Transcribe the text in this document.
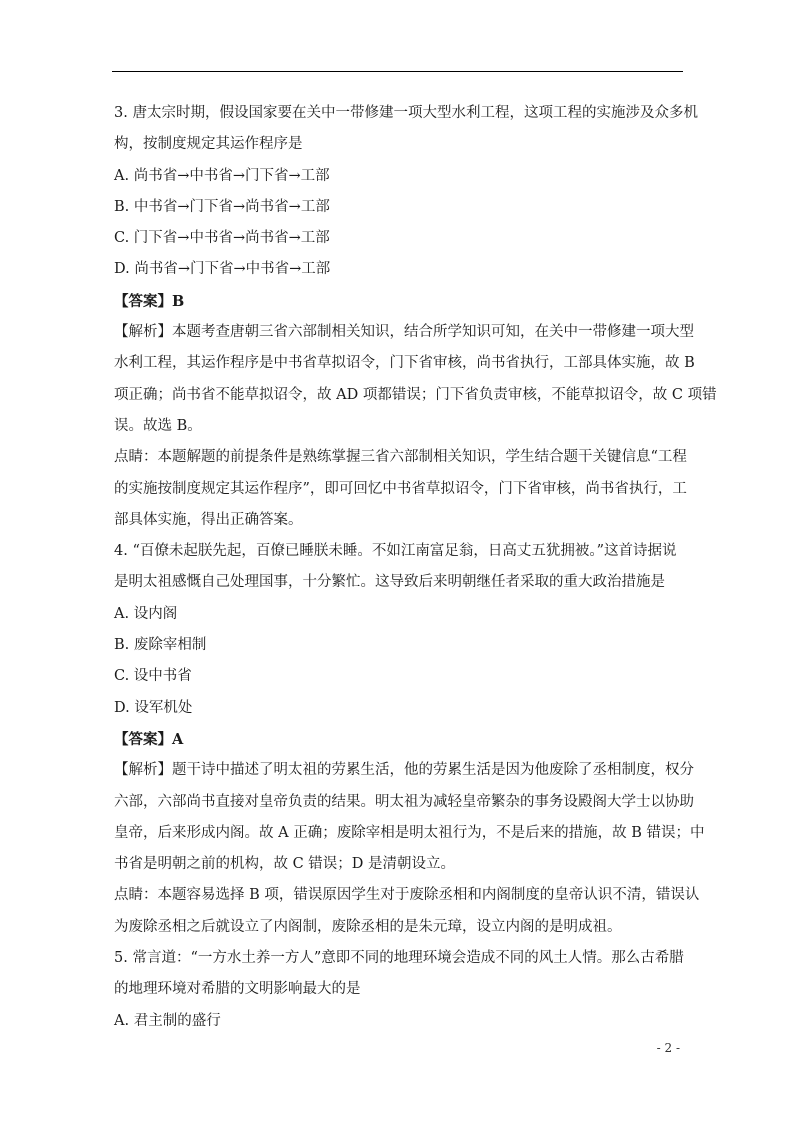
3. 唐太宗时期，假设国家要在关中一带修建一项大型水利工程，这项工程的实施涉及众多机

构，按制度规定其运作程序是

A. 尚书省→中书省→门下省→工部

B. 中书省→门下省→尚书省→工部

C. 门下省→中书省→尚书省→工部

D. 尚书省→门下省→中书省→工部

【答案】B

【解析】本题考查唐朝三省六部制相关知识，结合所学知识可知，在关中一带修建一项大型

水利工程，其运作程序是中书省草拟诏令，门下省审核，尚书省执行，工部具体实施，故 B

项正确；尚书省不能草拟诏令，故 AD 项都错误；门下省负责审核，不能草拟诏令，故 C 项错

误。故选 B。

点睛：本题解题的前提条件是熟练掌握三省六部制相关知识，学生结合题干关键信息“工程

的实施按制度规定其运作程序”，即可回忆中书省草拟诏令，门下省审核，尚书省执行，工

部具体实施，得出正确答案。

4. “百僚未起朕先起，百僚已睡朕未睡。不如江南富足翁，日高丈五犹拥被。”这首诗据说

是明太祖感慨自己处理国事，十分繁忙。这导致后来明朝继任者采取的重大政治措施是

A. 设内阁

B. 废除宰相制

C. 设中书省

D. 设军机处

【答案】A

【解析】题干诗中描述了明太祖的劳累生活，他的劳累生活是因为他废除了丞相制度，权分

六部，六部尚书直接对皇帝负责的结果。明太祖为减轻皇帝繁杂的事务设殿阁大学士以协助

皇帝，后来形成内阁。故 A 正确；废除宰相是明太祖行为，不是后来的措施，故 B 错误；中

书省是明朝之前的机构，故 C 错误；D 是清朝设立。

点睛：本题容易选择 B 项，错误原因学生对于废除丞相和内阁制度的皇帝认识不清，错误认

为废除丞相之后就设立了内阁制，废除丞相的是朱元璋，设立内阁的是明成祖。

5. 常言道：“一方水土养一方人”意即不同的地理环境会造成不同的风土人情。那么古希腊

的地理环境对希腊的文明影响最大的是

A. 君主制的盛行

- 2 -
